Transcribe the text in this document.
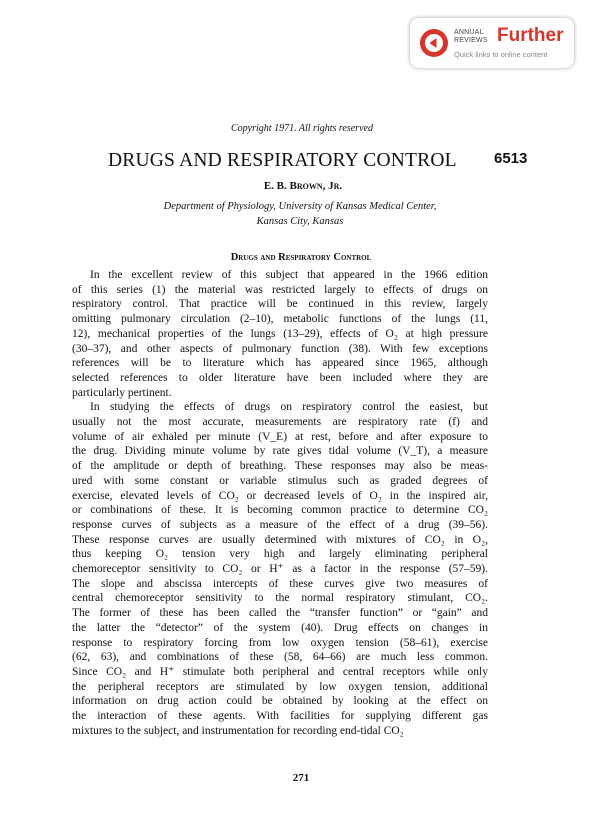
ANNUAL
REVIEWS Further
Quick links to online content
Copyright 1971. All rights reserved
DRUGS AND RESPIRATORY CONTROL 6513
E. B. Brown, Jr.
Department of Physiology, University of Kansas Medical Center,
Kansas City, Kansas
Drugs and Respiratory Control
In the excellent review of this subject that appeared in the 1966 edition
of this series (1) the material was restricted largely to effects of drugs on
respiratory control. That practice will be continued in this review, largely
omitting pulmonary circulation (2–10), metabolic functions of the lungs (11,
12), mechanical properties of the lungs (13–29), effects of O₂ at high pressure
(30–37), and other aspects of pulmonary function (38). With few exceptions
references will be to literature which has appeared since 1965, although
selected references to older literature have been included where they are
particularly pertinent.
In studying the effects of drugs on respiratory control the easiest, but
usually not the most accurate, measurements are respiratory rate (f) and
volume of air exhaled per minute (V_E) at rest, before and after exposure to
the drug. Dividing minute volume by rate gives tidal volume (V_T), a measure
of the amplitude or depth of breathing. These responses may also be meas-
ured with some constant or variable stimulus such as graded degrees of
exercise, elevated levels of CO₂ or decreased levels of O₂ in the inspired air,
or combinations of these. It is becoming common practice to determine CO₂
response curves of subjects as a measure of the effect of a drug (39–56).
These response curves are usually determined with mixtures of CO₂ in O₂,
thus keeping O₂ tension very high and largely eliminating peripheral
chemoreceptor sensitivity to CO₂ or H⁺ as a factor in the response (57–59).
The slope and abscissa intercepts of these curves give two measures of
central chemoreceptor sensitivity to the normal respiratory stimulant, CO₂.
The former of these has been called the “transfer function” or “gain” and
the latter the “detector” of the system (40). Drug effects on changes in
response to respiratory forcing from low oxygen tension (58–61), exercise
(62, 63), and combinations of these (58, 64–66) are much less common.
Since CO₂ and H⁺ stimulate both peripheral and central receptors while only
the peripheral receptors are stimulated by low oxygen tension, additional
information on drug action could be obtained by looking at the effect on
the interaction of these agents. With facilities for supplying different gas
mixtures to the subject, and instrumentation for recording end-tidal CO₂
271
